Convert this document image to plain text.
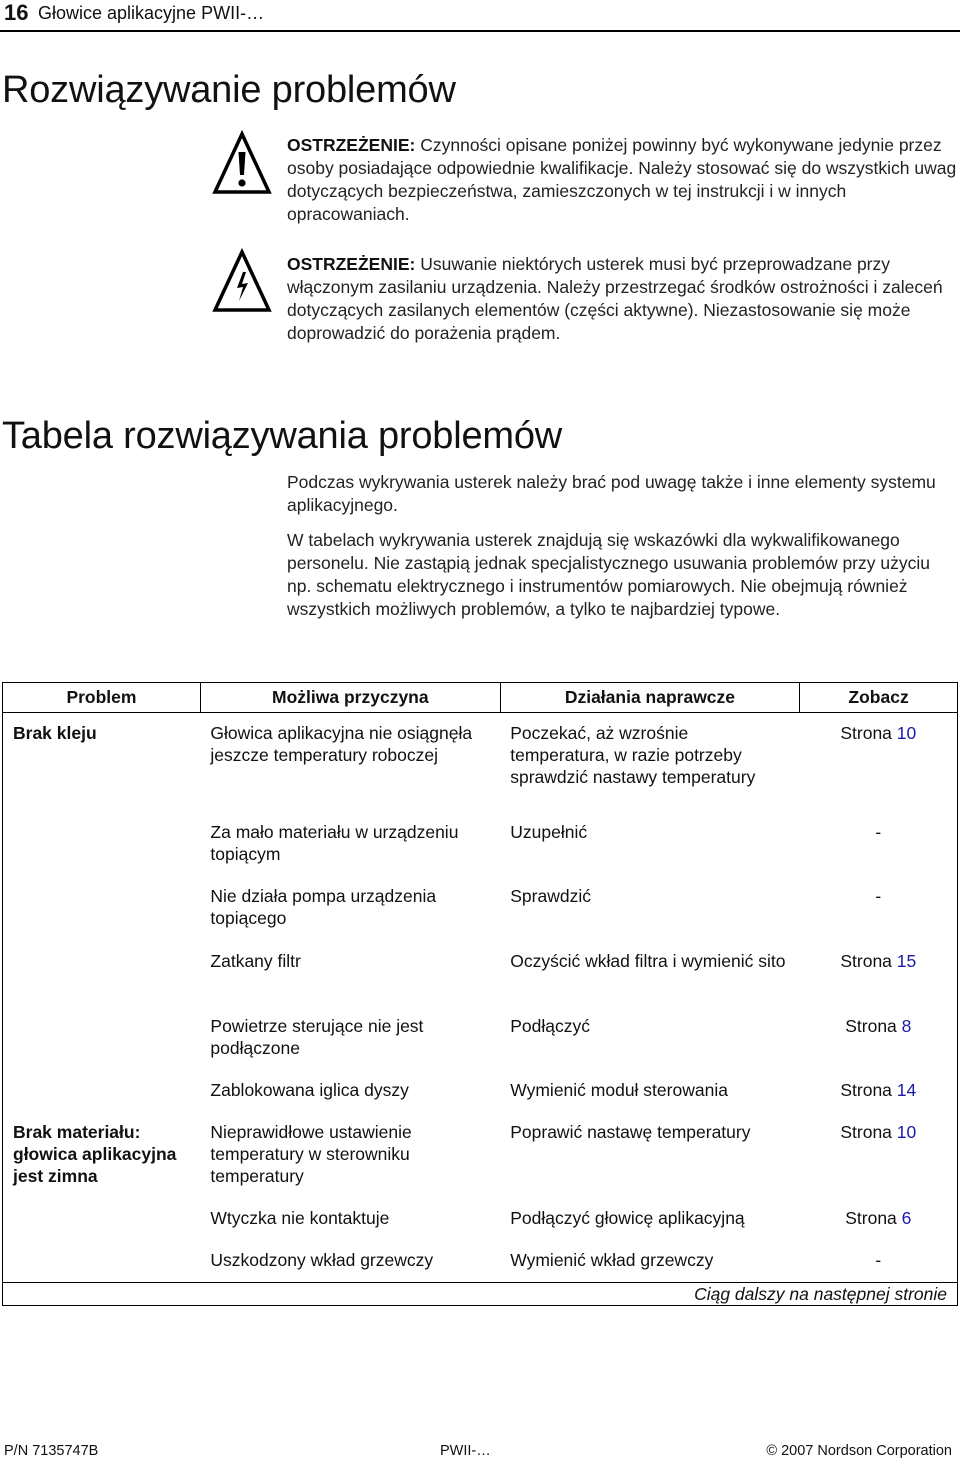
16 Głowice aplikacyjne PWII-…
Rozwiązywanie problemów
OSTRZEŻENIE: Czynności opisane poniżej powinny być wykonywane jedynie przez osoby posiadające odpowiednie kwalifikacje. Należy stosować się do wszystkich uwag dotyczących bezpieczeństwa, zamieszczonych w tej instrukcji i w innych opracowaniach.
OSTRZEŻENIE: Usuwanie niektórych usterek musi być przeprowadzane przy włączonym zasilaniu urządzenia. Należy przestrzegać środków ostrożności i zaleceń dotyczących zasilanych elementów (części aktywne). Niezastosowanie się może doprowadzić do porażenia prądem.
Tabela rozwiązywania problemów

Podczas wykrywania usterek należy brać pod uwagę także i inne elementy systemu aplikacyjnego.

W tabelach wykrywania usterek znajdują się wskazówki dla wykwalifikowanego personelu. Nie zastąpią jednak specjalistycznego usuwania problemów przy użyciu np. schematu elektrycznego i instrumentów pomiarowych. Nie obejmują również wszystkich możliwych problemów, a tylko te najbardziej typowe.

Problem	Możliwa przyczyna	Działania naprawcze	Zobacz
Brak kleju	Głowica aplikacyjna nie osiągnęła jeszcze temperatury roboczej	Poczekać, aż wzrośnie temperatura, w razie potrzeby sprawdzić nastawy temperatury	Strona 10
	Za mało materiału w urządzeniu topiącym	Uzupełnić	-
	Nie działa pompa urządzenia topiącego	Sprawdzić	-
	Zatkany filtr	Oczyścić wkład filtra i wymienić sito	Strona 15
	Powietrze sterujące nie jest podłączone	Podłączyć	Strona 8
	Zablokowana iglica dyszy	Wymienić moduł sterowania	Strona 14
Brak materiału: głowica aplikacyjna jest zimna	Nieprawidłowe ustawienie temperatury w sterowniku temperatury	Poprawić nastawę temperatury	Strona 10
	Wtyczka nie kontaktuje	Podłączyć głowicę aplikacyjną	Strona 6
	Uszkodzony wkład grzewczy	Wymienić wkład grzewczy	-
Ciąg dalszy na następnej stronie			
P/N 7135747B	PWII-…	© 2007 Nordson Corporation
